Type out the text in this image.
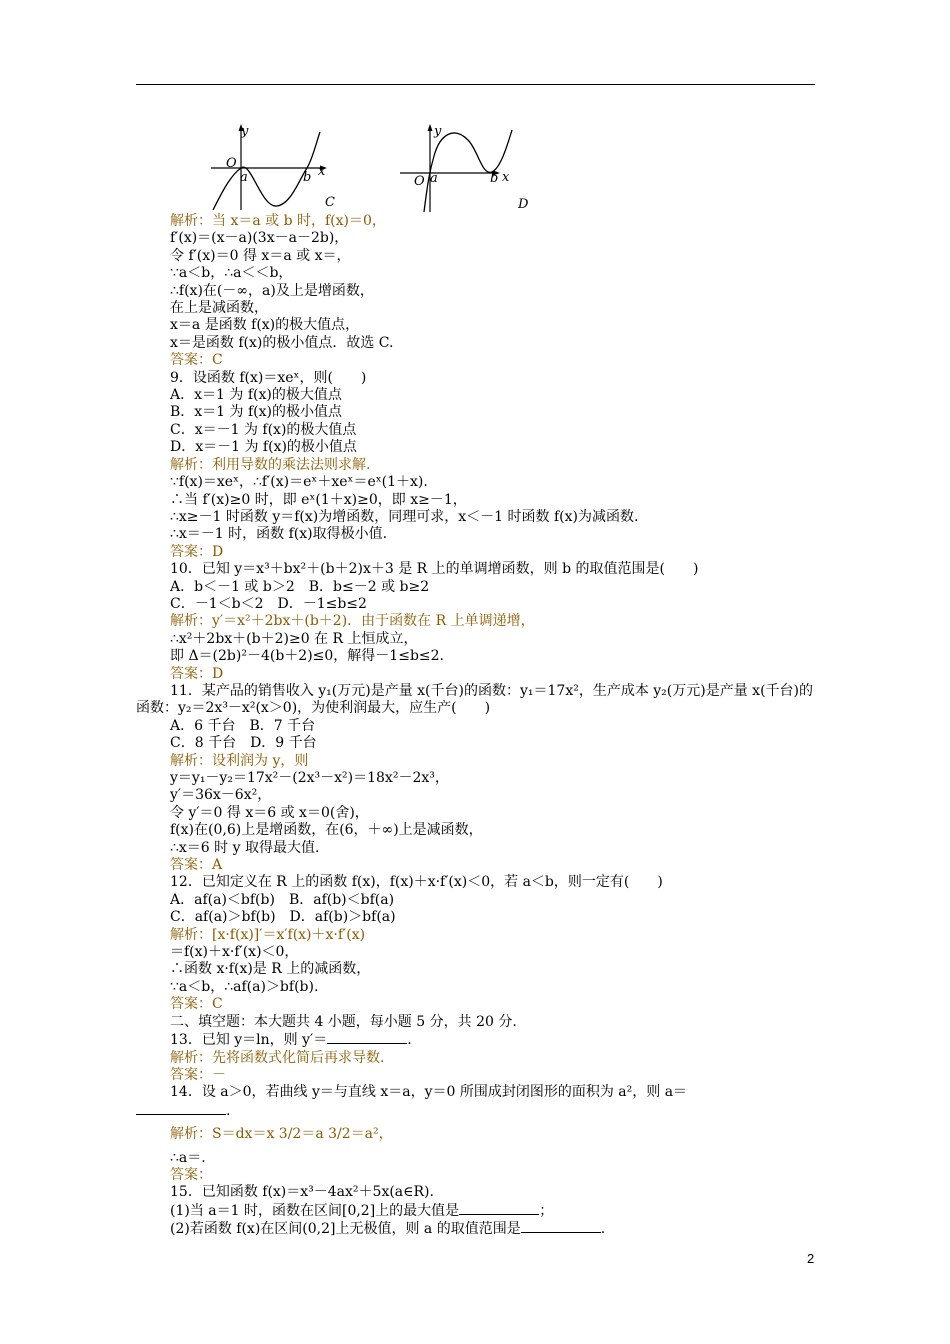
y
O
a	b x
C
y
O a	b x
D
解析：当 x＝a 或 b 时，f(x)＝0，
f′(x)＝(x－a)(3x－a－2b)，
令 f′(x)＝0 得 x＝a 或 x＝，
∵a＜b，∴a＜＜b，
∴f(x)在(－∞，a)及上是增函数，
在上是减函数，
x＝a 是函数 f(x)的极大值点，
x＝是函数 f(x)的极小值点．故选 C.
答案：C
9．设函数 f(x)＝xeˣ，则(　　)
A．x＝1 为 f(x)的极大值点
B．x＝1 为 f(x)的极小值点
C．x＝－1 为 f(x)的极大值点
D．x＝－1 为 f(x)的极小值点
解析：利用导数的乘法法则求解.
∵f(x)＝xeˣ，∴f′(x)＝eˣ＋xeˣ＝eˣ(1＋x).
∴当 f′(x)≥0 时，即 eˣ(1＋x)≥0，即 x≥－1，
∴x≥－1 时函数 y＝f(x)为增函数，同理可求，x＜－1 时函数 f(x)为减函数.
∴x＝－1 时，函数 f(x)取得极小值.
答案：D
10．已知 y＝x³＋bx²＋(b＋2)x＋3 是 R 上的单调增函数，则 b 的取值范围是(　　)
A．b＜－1 或 b＞2　B．b≤－2 或 b≥2
C．－1＜b＜2　D．－1≤b≤2
解析：y′＝x²＋2bx＋(b＋2)．由于函数在 R 上单调递增，
∴x²＋2bx＋(b＋2)≥0 在 R 上恒成立，
即 Δ＝(2b)²－4(b＋2)≤0，解得－1≤b≤2.
答案：D
11．某产品的销售收入 y₁(万元)是产量 x(千台)的函数：y₁＝17x²，生产成本 y₂(万元)是产量 x(千台)的函数：y₂＝2x³－x²(x＞0)，为使利润最大，应生产(　　)
A．6 千台　B．7 千台
C．8 千台　D．9 千台
解析：设利润为 y，则
y＝y₁－y₂＝17x²－(2x³－x²)＝18x²－2x³，
y′＝36x－6x²，
令 y′＝0 得 x＝6 或 x＝0(舍)，
f(x)在(0,6)上是增函数，在(6，＋∞)上是减函数，
∴x＝6 时 y 取得最大值.
答案：A
12．已知定义在 R 上的函数 f(x)，f(x)＋x·f′(x)＜0，若 a＜b，则一定有(　　)
A．af(a)＜bf(b)　B．af(b)＜bf(a)
C．af(a)＞bf(b)　D．af(b)＞bf(a)
解析：[x·f(x)]′＝x′f(x)＋x·f′(x)
＝f(x)＋x·f′(x)＜0，
∴函数 x·f(x)是 R 上的减函数，
∵a＜b，∴af(a)＞bf(b).
答案：C
二、填空题：本大题共 4 小题，每小题 5 分，共 20 分.
13．已知 y＝ln，则 y′＝	.
解析：先将函数式化简后再求导数.
答案：－
14．设 a＞0，若曲线 y＝与直线 x＝a，y＝0 所围成封闭图形的面积为 a²，则 a＝
.
解析：S＝dx＝x 3/2＝a 3/2＝a²，
∴a＝.
答案：
15．已知函数 f(x)＝x³－4ax²＋5x(a∈R).
(1)当 a＝1 时，函数在区间[0,2]上的最大值是	；
(2)若函数 f(x)在区间(0,2]上无极值，则 a 的取值范围是	.
2
